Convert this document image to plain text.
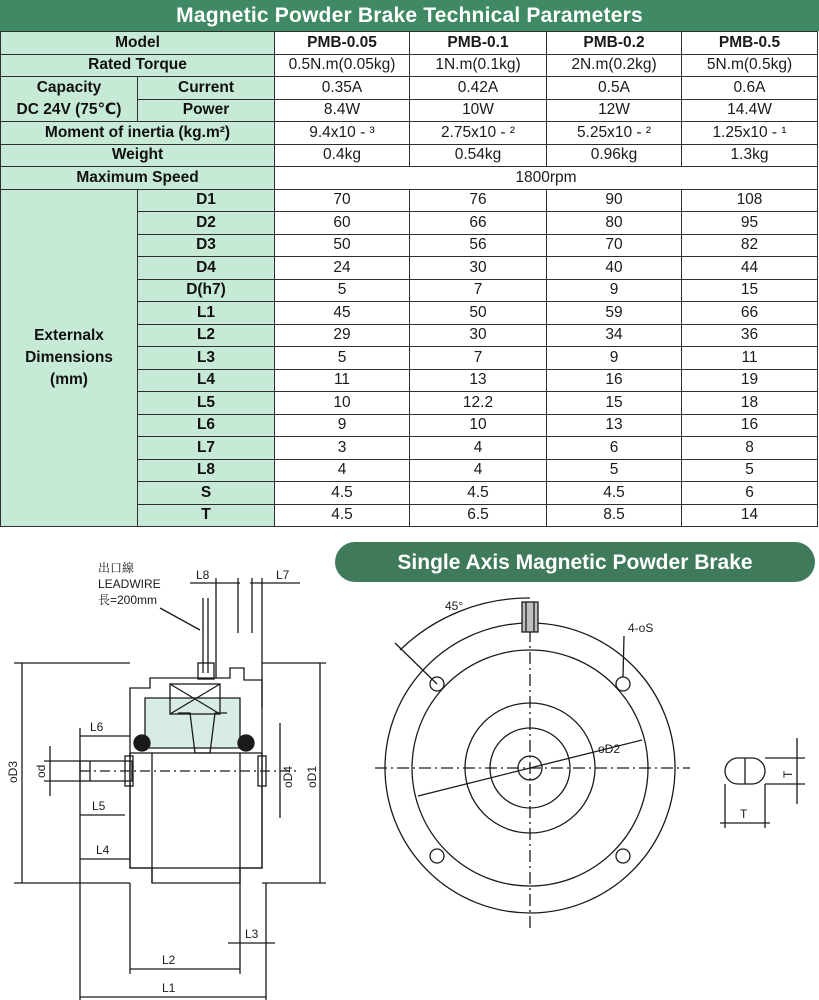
Magnetic Powder Brake Technical Parameters
Model		PMB-0.05	PMB-0.1	PMB-0.2	PMB-0.5
Rated Torque		0.5N.m(0.05kg)	1N.m(0.1kg)	2N.m(0.2kg)	5N.m(0.5kg)
Capacity
DC 24V (75℃)	Current	0.35A	0.42A	0.5A	0.6A
	Power	8.4W	10W	12W	14.4W
Moment of inertia (kg.m²)		9.4x10 - ³	2.75x10 - ²	5.25x10 - ²	1.25x10 - ¹
Weight		0.4kg	0.54kg	0.96kg	1.3kg
Maximum Speed		1800rpm			
Externalx
Dimensions
(mm)	D1	70	76	90	108
	D2	60	66	80	95
	D3	50	56	70	82
	D4	24	30	40	44
	D(h7)	5	7	9	15
	L1	45	50	59	66
	L2	29	30	34	36
	L3	5	7	9	11
	L4	11	13	16	19
	L5	10	12.2	15	18
	L6	9	10	13	16
	L7	3	4	6	8
	L8	4	4	5	5
	S	4.5	4.5	4.5	6
	T	4.5	6.5	8.5	14
Single Axis Magnetic Powder Brake
出口線
LEADWIRE
長=200mm
L8	L7
oD3 od
L6
L5
L4
oD4 oD1
L3
L2
L1
45°
4-oS
oD2
T
T
